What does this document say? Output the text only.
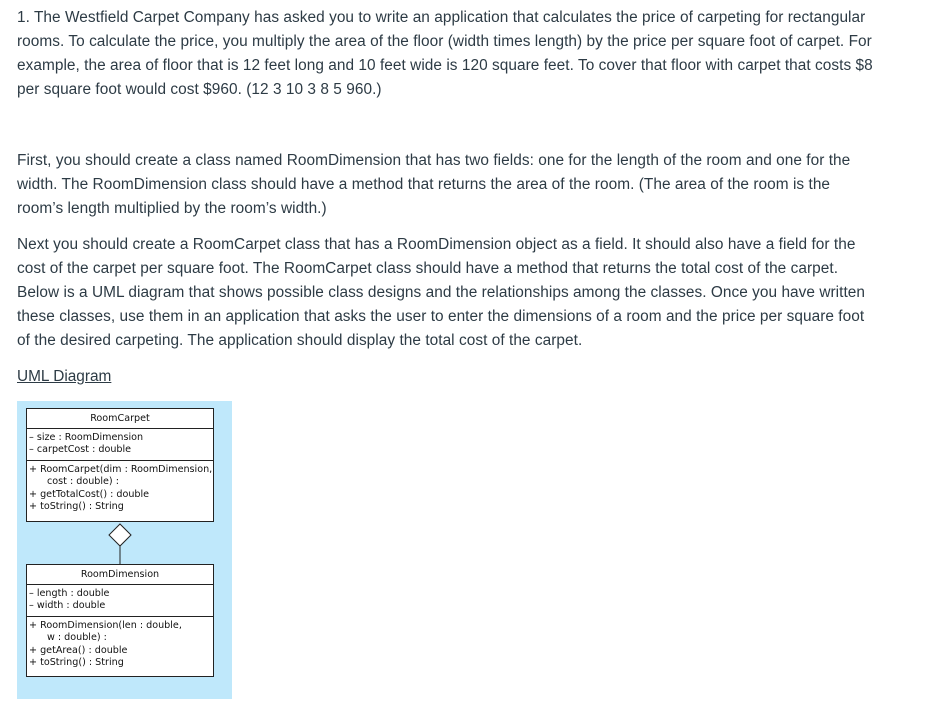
1. The Westfield Carpet Company has asked you to write an application that calculates the price of carpeting for rectangular rooms. To calculate the price, you multiply the area of the floor (width times length) by the price per square foot of carpet. For example, the area of floor that is 12 feet long and 10 feet wide is 120 square feet. To cover that floor with carpet that costs $8 per square foot would cost $960. (12 3 10 3 8 5 960.)

First, you should create a class named RoomDimension that has two fields: one for the length of the room and one for the width. The RoomDimension class should have a method that returns the area of the room. (The area of the room is the room’s length multiplied by the room’s width.)

Next you should create a RoomCarpet class that has a RoomDimension object as a field. It should also have a field for the cost of the carpet per square foot. The RoomCarpet class should have a method that returns the total cost of the carpet. Below is a UML diagram that shows possible class designs and the relationships among the classes. Once you have written these classes, use them in an application that asks the user to enter the dimensions of a room and the price per square foot of the desired carpeting. The application should display the total cost of the carpet.

UML Diagram
RoomCarpet
– size : RoomDimension
– carpetCost : double
+ RoomCarpet(dim : RoomDimension,
cost : double) :
+ getTotalCost() : double
+ toString() : String
RoomDimension
– length : double
– width : double
+ RoomDimension(len : double,
w : double) :
+ getArea() : double
+ toString() : String
